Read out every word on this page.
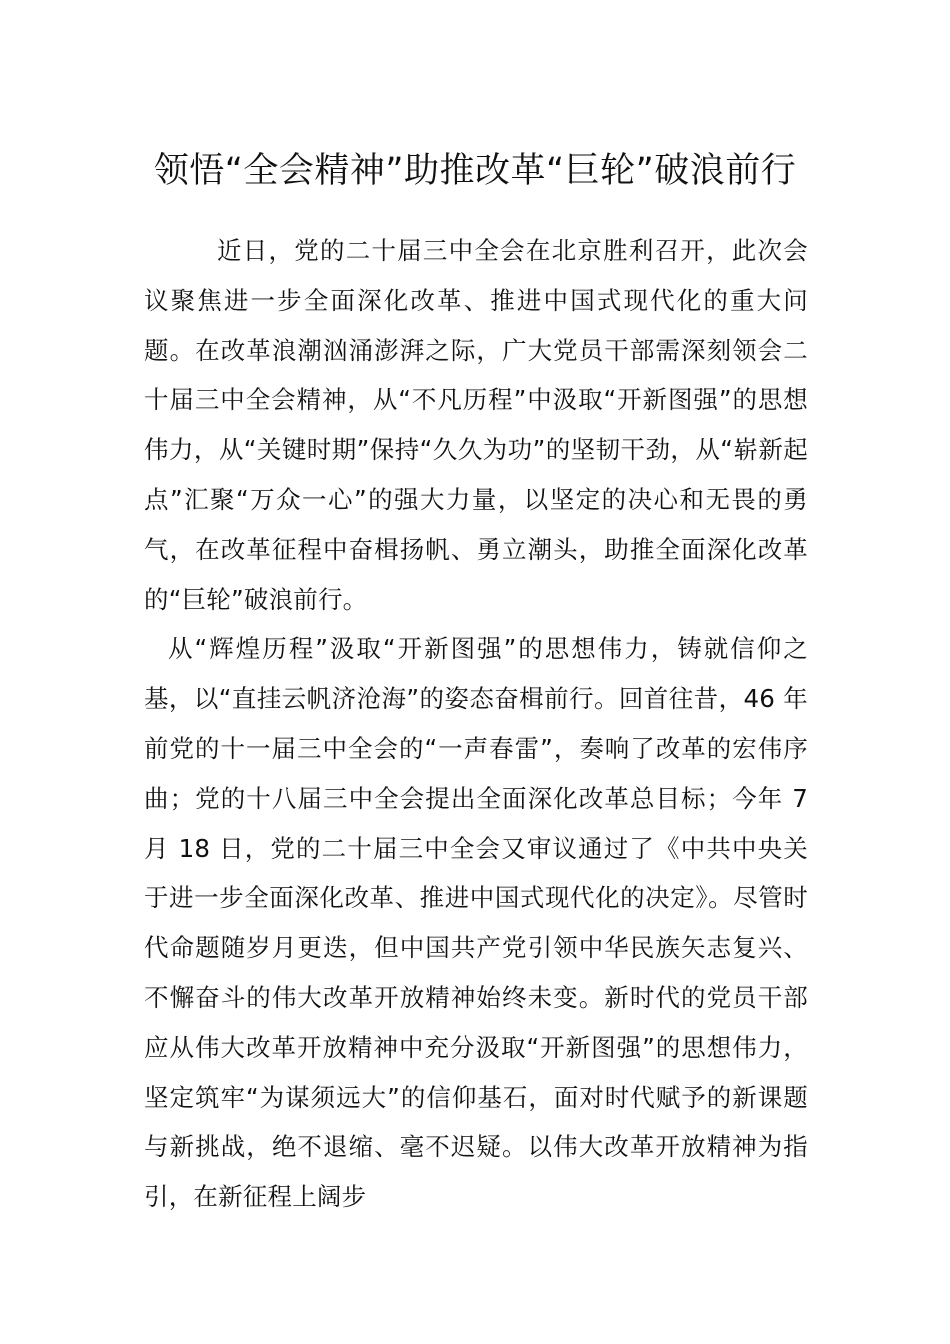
领悟“全会精神”助推改革“巨轮”破浪前行

近日，党的二十届三中全会在北京胜利召开，此次会议聚焦进一步全面深化改革、推进中国式现代化的重大问题。在改革浪潮汹涌澎湃之际，广大党员干部需深刻领会二十届三中全会精神，从“不凡历程”中汲取“开新图强”的思想伟力，从“关键时期”保持“久久为功”的坚韧干劲，从“崭新起点”汇聚“万众一心”的强大力量，以坚定的决心和无畏的勇气，在改革征程中奋楫扬帆、勇立潮头，助推全面深化改革的“巨轮”破浪前行。

从“辉煌历程”汲取“开新图强”的思想伟力，铸就信仰之基，以“直挂云帆济沧海”的姿态奋楫前行。回首往昔，46 年前党的十一届三中全会的“一声春雷”，奏响了改革的宏伟序曲；党的十八届三中全会提出全面深化改革总目标；今年 7 月 18 日，党的二十届三中全会又审议通过了《中共中央关于进一步全面深化改革、推进中国式现代化的决定》。尽管时代命题随岁月更迭，但中国共产党引领中华民族矢志复兴、不懈奋斗的伟大改革开放精神始终未变。新时代的党员干部应从伟大改革开放精神中充分汲取“开新图强”的思想伟力，坚定筑牢“为谋须远大”的信仰基石，面对时代赋予的新课题与新挑战，绝不退缩、毫不迟疑。以伟大改革开放精神为指引，在新征程上阔步
